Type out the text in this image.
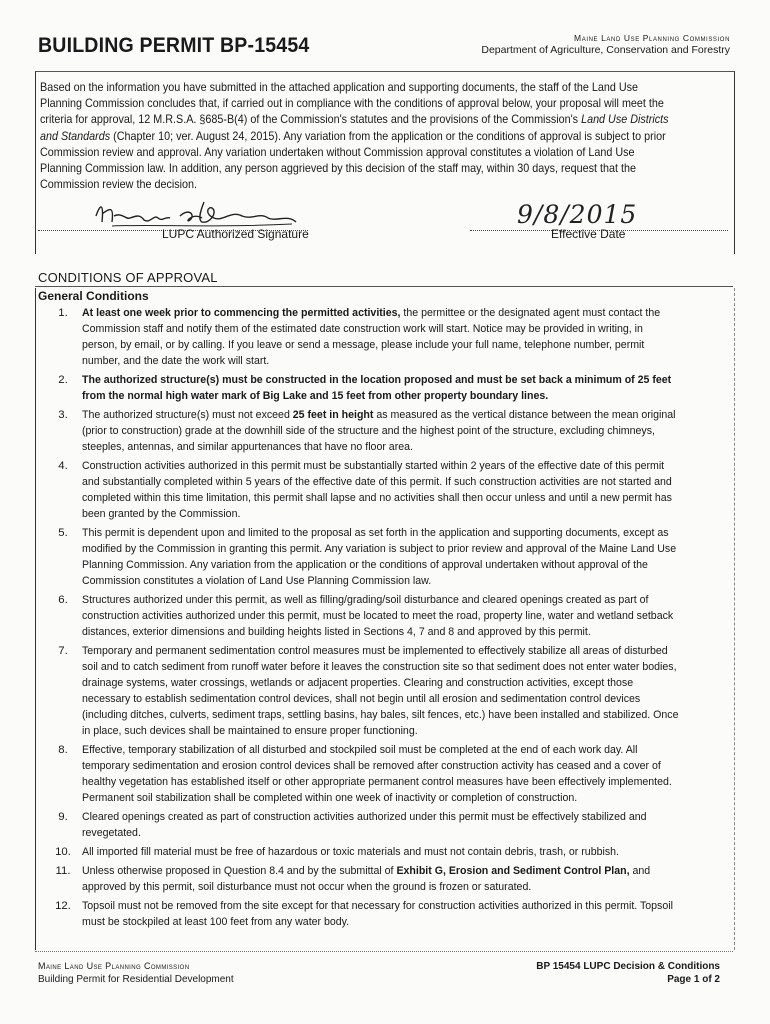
BUILDING PERMIT BP-15454	Maine Land Use Planning Commission
Department of Agriculture, Conservation and Forestry
Based on the information you have submitted in the attached application and supporting documents, the staff of the Land Use Planning Commission concludes that, if carried out in compliance with the conditions of approval below, your proposal will meet the criteria for approval, 12 M.R.S.A. §685-B(4) of the Commission's statutes and the provisions of the Commission's Land Use Districts and Standards (Chapter 10; ver. August 24, 2015). Any variation from the application or the conditions of approval is subject to prior Commission review and approval. Any variation undertaken without Commission approval constitutes a violation of Land Use Planning Commission law. In addition, any person aggrieved by this decision of the staff may, within 30 days, request that the Commission review the decision.
LUPC Authorized Signature
9/8/2015
Effective Date
CONDITIONS OF APPROVAL
General Conditions
1.	At least one week prior to commencing the permitted activities, the permittee or the designated agent must contact the Commission staff and notify them of the estimated date construction work will start. Notice may be provided in writing, in person, by email, or by calling. If you leave or send a message, please include your full name, telephone number, permit number, and the date the work will start.
2.	The authorized structure(s) must be constructed in the location proposed and must be set back a minimum of 25 feet from the normal high water mark of Big Lake and 15 feet from other property boundary lines.
3.	The authorized structure(s) must not exceed 25 feet in height as measured as the vertical distance between the mean original (prior to construction) grade at the downhill side of the structure and the highest point of the structure, excluding chimneys, steeples, antennas, and similar appurtenances that have no floor area.
4.	Construction activities authorized in this permit must be substantially started within 2 years of the effective date of this permit and substantially completed within 5 years of the effective date of this permit. If such construction activities are not started and completed within this time limitation, this permit shall lapse and no activities shall then occur unless and until a new permit has been granted by the Commission.
5.	This permit is dependent upon and limited to the proposal as set forth in the application and supporting documents, except as modified by the Commission in granting this permit. Any variation is subject to prior review and approval of the Maine Land Use Planning Commission. Any variation from the application or the conditions of approval undertaken without approval of the Commission constitutes a violation of Land Use Planning Commission law.
6.	Structures authorized under this permit, as well as filling/grading/soil disturbance and cleared openings created as part of construction activities authorized under this permit, must be located to meet the road, property line, water and wetland setback distances, exterior dimensions and building heights listed in Sections 4, 7 and 8 and approved by this permit.
7.	Temporary and permanent sedimentation control measures must be implemented to effectively stabilize all areas of disturbed soil and to catch sediment from runoff water before it leaves the construction site so that sediment does not enter water bodies, drainage systems, water crossings, wetlands or adjacent properties. Clearing and construction activities, except those necessary to establish sedimentation control devices, shall not begin until all erosion and sedimentation control devices (including ditches, culverts, sediment traps, settling basins, hay bales, silt fences, etc.) have been installed and stabilized. Once in place, such devices shall be maintained to ensure proper functioning.
8.	Effective, temporary stabilization of all disturbed and stockpiled soil must be completed at the end of each work day. All temporary sedimentation and erosion control devices shall be removed after construction activity has ceased and a cover of healthy vegetation has established itself or other appropriate permanent control measures have been effectively implemented. Permanent soil stabilization shall be completed within one week of inactivity or completion of construction.
9.	Cleared openings created as part of construction activities authorized under this permit must be effectively stabilized and revegetated.
10. All imported fill material must be free of hazardous or toxic materials and must not contain debris, trash, or rubbish.
11.	Unless otherwise proposed in Question 8.4 and by the submittal of Exhibit G, Erosion and Sediment Control Plan, and approved by this permit, soil disturbance must not occur when the ground is frozen or saturated.
12. Topsoil must not be removed from the site except for that necessary for construction activities authorized in this permit. Topsoil must be stockpiled at least 100 feet from any water body.
Maine Land Use Planning Commission
Building Permit for Residential Development
BP 15454 LUPC Decision & Conditions
Page 1 of 2
